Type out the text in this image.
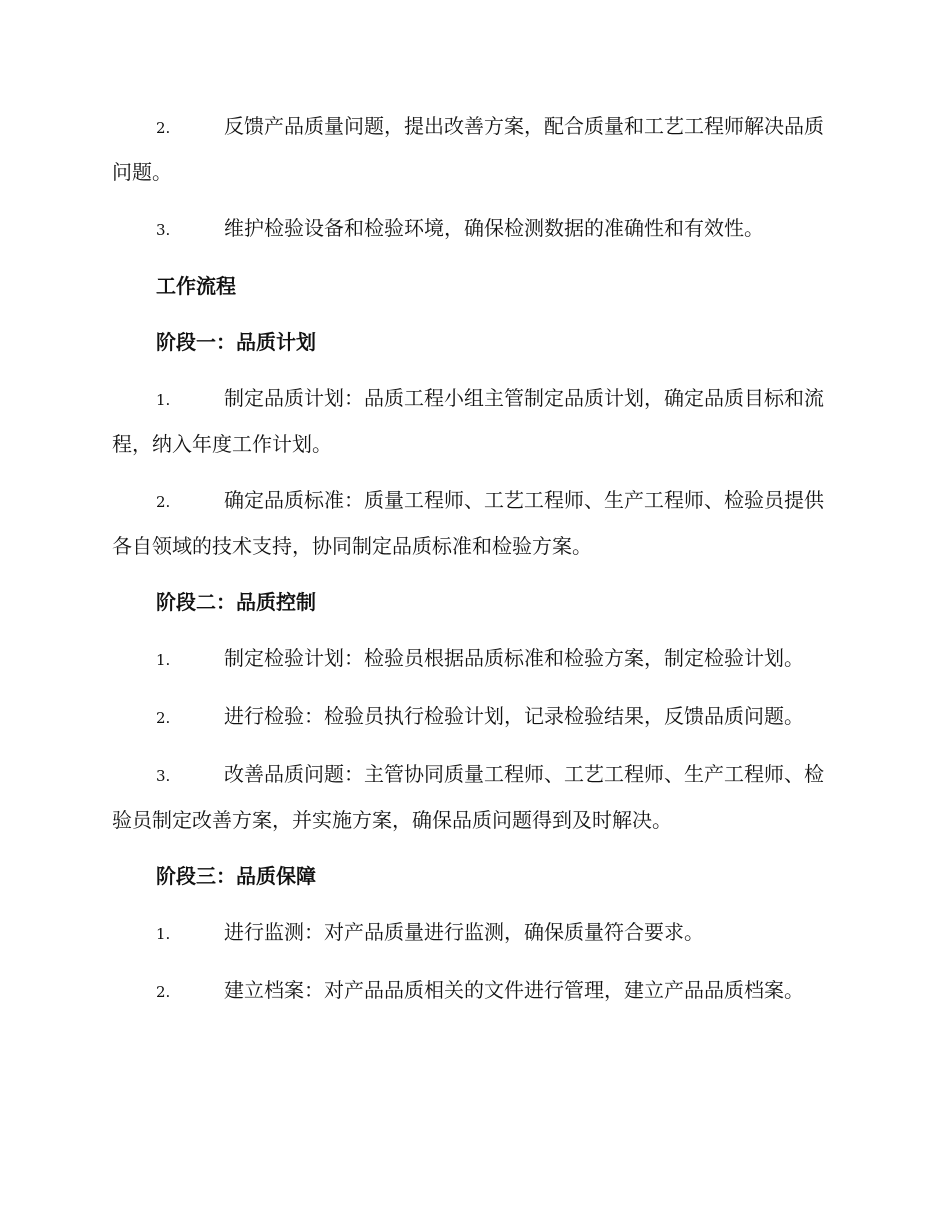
2.	反馈产品质量问题，提出改善方案，配合质量和工艺工程师解决品质问题。

3.	维护检验设备和检验环境，确保检测数据的准确性和有效性。

工作流程
阶段一：品质计划

1.	制定品质计划：品质工程小组主管制定品质计划，确定品质目标和流程，纳入年度工作计划。

2.	确定品质标准：质量工程师、工艺工程师、生产工程师、检验员提供各自领域的技术支持，协同制定品质标准和检验方案。

阶段二：品质控制

1.	制定检验计划：检验员根据品质标准和检验方案，制定检验计划。

2.	进行检验：检验员执行检验计划，记录检验结果，反馈品质问题。

3.	改善品质问题：主管协同质量工程师、工艺工程师、生产工程师、检验员制定改善方案，并实施方案，确保品质问题得到及时解决。

阶段三：品质保障

1.	进行监测：对产品质量进行监测，确保质量符合要求。

2.	建立档案：对产品品质相关的文件进行管理，建立产品品质档案。
